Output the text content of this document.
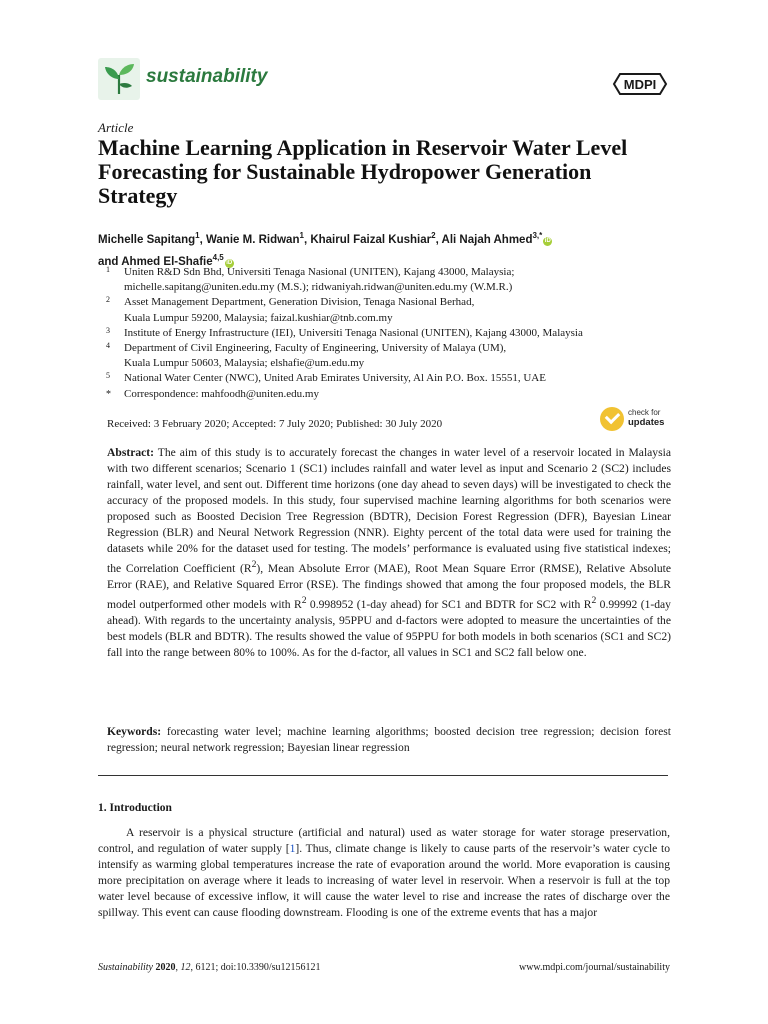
sustainability	MDPI
Article
Machine Learning Application in Reservoir Water Level Forecasting for Sustainable Hydropower Generation Strategy
Michelle Sapitang$^1$, Wanie M. Ridwan$^1$, Khairul Faizal Kushiar$^2$, Ali Najah Ahmed$^{3,*}$iD
and Ahmed El-Shafie$^{4,5}$iD
1 Uniten R&D Sdn Bhd, Universiti Tenaga Nasional (UNITEN), Kajang 43000, Malaysia;
michelle.sapitang@uniten.edu.my (M.S.); ridwaniyah.ridwan@uniten.edu.my (W.M.R.)
2 Asset Management Department, Generation Division, Tenaga Nasional Berhad,
Kuala Lumpur 59200, Malaysia; faizal.kushiar@tnb.com.my
3 Institute of Energy Infrastructure (IEI), Universiti Tenaga Nasional (UNITEN), Kajang 43000, Malaysia
4 Department of Civil Engineering, Faculty of Engineering, University of Malaya (UM),
Kuala Lumpur 50603, Malaysia; elshafie@um.edu.my
5 National Water Center (NWC), United Arab Emirates University, Al Ain P.O. Box. 15551, UAE
* Correspondence: mahfoodh@uniten.edu.my
Received: 3 February 2020; Accepted: 7 July 2020; Published: 30 July 2020
check for
updates
Abstract: The aim of this study is to accurately forecast the changes in water level of a reservoir located in Malaysia with two different scenarios; Scenario 1 (SC1) includes rainfall and water level as input and Scenario 2 (SC2) includes rainfall, water level, and sent out. Different time horizons (one day ahead to seven days) will be investigated to check the accuracy of the proposed models. In this study, four supervised machine learning algorithms for both scenarios were proposed such as Boosted Decision Tree Regression (BDTR), Decision Forest Regression (DFR), Bayesian Linear Regression (BLR) and Neural Network Regression (NNR). Eighty percent of the total data were used for training the datasets while 20% for the dataset used for testing. The models’ performance is evaluated using five statistical indexes; the Correlation Coefficient $(R^2)$, Mean Absolute Error (MAE), Root Mean Square Error (RMSE), Relative Absolute Error (RAE), and Relative Squared Error (RSE). The findings showed that among the four proposed models, the BLR model outperformed other models with $R^2$ 0.998952 (1-day ahead) for SC1 and BDTR for SC2 with $R^2$ 0.99992 (1-day ahead). With regards to the uncertainty analysis, 95PPU and d-factors were adopted to measure the uncertainties of the best models (BLR and BDTR). The results showed the value of 95PPU for both models in both scenarios (SC1 and SC2) fall into the range between 80% to 100%. As for the d-factor, all values in SC1 and SC2 fall below one.
Keywords: forecasting water level; machine learning algorithms; boosted decision tree regression; decision forest regression; neural network regression; Bayesian linear regression
1. Introduction
A reservoir is a physical structure (artificial and natural) used as water storage for water storage preservation, control, and regulation of water supply [1]. Thus, climate change is likely to cause parts of the reservoir’s water cycle to intensify as warming global temperatures increase the rate of evaporation around the world. More evaporation is causing more precipitation on average where it leads to increasing of water level in reservoir. When a reservoir is full at the top water level because of excessive inflow, it will cause the water level to rise and increase the rates of discharge over the spillway. This event can cause flooding downstream. Flooding is one of the extreme events that has a major
Sustainability 2020, 12, 6121; doi:10.3390/su12156121	www.mdpi.com/journal/sustainability
